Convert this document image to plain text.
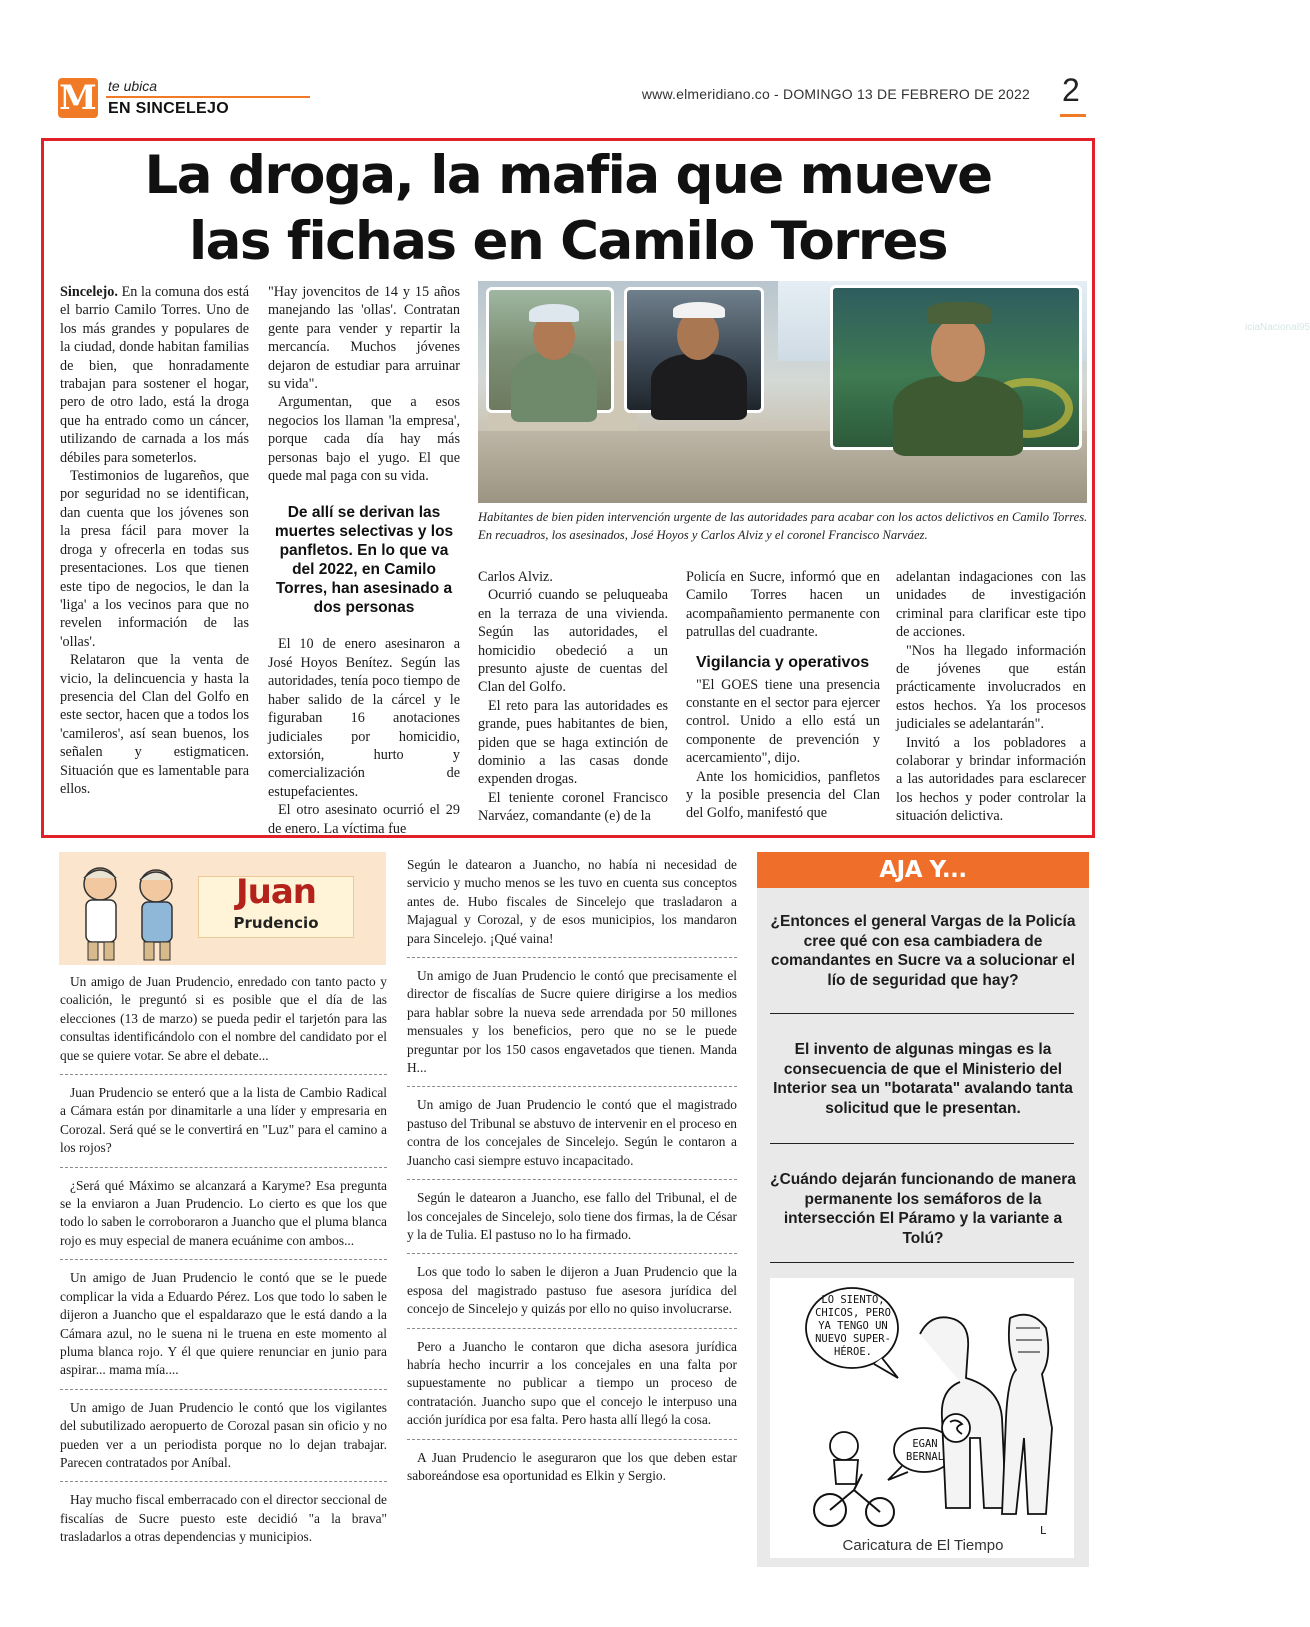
M te ubica
EN SINCELEJO
www.elmeridiano.co - DOMINGO 13 DE FEBRERO DE 2022 2
La droga, la mafia que mueve
las fichas en Camilo Torres

Sincelejo. En la comuna dos está el barrio Camilo Torres. Uno de los más grandes y populares de la ciudad, donde habitan familias de bien, que honradamente trabajan para sostener el hogar, pero de otro lado, está la droga que ha entrado como un cáncer, utilizando de carnada a los más débiles para someterlos.

Testimonios de lugareños, que por seguridad no se identifican, dan cuenta que los jóvenes son la presa fácil para mover la droga y ofrecerla en todas sus presentaciones. Los que tienen este tipo de negocios, le dan la 'liga' a los vecinos para que no revelen información de las 'ollas'.

Relataron que la venta de vicio, la delincuencia y hasta la presencia del Clan del Golfo en este sector, hacen que a todos los 'camileros', así sean buenos, los señalen y estigmaticen. Situación que es lamentable para ellos.

"Hay jovencitos de 14 y 15 años manejando las 'ollas'. Contratan gente para vender y repartir la mercancía. Muchos jóvenes dejaron de estudiar para arruinar su vida".

Argumentan, que a esos negocios los llaman 'la empresa', porque cada día hay más personas bajo el yugo. El que quede mal paga con su vida.

De allí se derivan las muertes selectivas y los panfletos. En lo que va del 2022, en Camilo Torres, han asesinado a dos personas

El 10 de enero asesinaron a José Hoyos Benítez. Según las autoridades, tenía poco tiempo de haber salido de la cárcel y le figuraban 16 anotaciones judiciales por homicidio, extorsión, hurto y comercialización de estupefacientes.

El otro asesinato ocurrió el 29 de enero. La víctima fue

iciaNacional95
Habitantes de bien piden intervención urgente de las autoridades para acabar con los actos delictivos en Camilo Torres. En recuadros, los asesinados, José Hoyos y Carlos Alviz y el coronel Francisco Narváez.

Carlos Alviz.

Ocurrió cuando se peluqueaba en la terraza de una vivienda. Según las autoridades, el homicidio obedeció a un presunto ajuste de cuentas del Clan del Golfo.

El reto para las autoridades es grande, pues habitantes de bien, piden que se haga extinción de dominio a las casas donde expenden drogas.

El teniente coronel Francisco Narváez, comandante (e) de la

Policía en Sucre, informó que en Camilo Torres hacen un acompañamiento permanente con patrullas del cuadrante.

Vigilancia y operativos

"El GOES tiene una presencia constante en el sector para ejercer control. Unido a ello está un componente de prevención y acercamiento", dijo.

Ante los homicidios, panfletos y la posible presencia del Clan del Golfo, manifestó que

adelantan indagaciones con las unidades de investigación criminal para clarificar este tipo de acciones.

"Nos ha llegado información de jóvenes que están prácticamente involucrados en estos hechos. Ya los procesos judiciales se adelantarán".

Invitó a los pobladores a colaborar y brindar información a las autoridades para esclarecer los hechos y poder controlar la situación delictiva.

Juan
Prudencio

Un amigo de Juan Prudencio, enredado con tanto pacto y coalición, le preguntó si es posible que el día de las elecciones (13 de marzo) se pueda pedir el tarjetón para las consultas identificándolo con el nombre del candidato por el que se quiere votar. Se abre el debate...

Juan Prudencio se enteró que a la lista de Cambio Radical a Cámara están por dinamitarle a una líder y empresaria en Corozal. Será qué se le convertirá en "Luz" para el camino a los rojos?

¿Será qué Máximo se alcanzará a Karyme? Esa pregunta se la enviaron a Juan Prudencio. Lo cierto es que los que todo lo saben le corroboraron a Juancho que el pluma blanca rojo es muy especial de manera ecuánime con ambos...

Un amigo de Juan Prudencio le contó que se le puede complicar la vida a Eduardo Pérez. Los que todo lo saben le dijeron a Juancho que el espaldarazo que le está dando a la Cámara azul, no le suena ni le truena en este momento al pluma blanca rojo. Y él que quiere renunciar en junio para aspirar... mama mía....

Un amigo de Juan Prudencio le contó que los vigilantes del subutilizado aeropuerto de Corozal pasan sin oficio y no pueden ver a un periodista porque no lo dejan trabajar. Parecen contratados por Aníbal.

Hay mucho fiscal emberracado con el director seccional de fiscalías de Sucre puesto este decidió "a la brava" trasladarlos a otras dependencias y municipios.

Según le datearon a Juancho, no había ni necesidad de servicio y mucho menos se les tuvo en cuenta sus conceptos antes de. Hubo fiscales de Sincelejo que trasladaron a Majagual y Corozal, y de esos municipios, los mandaron para Sincelejo. ¡Qué vaina!

Un amigo de Juan Prudencio le contó que precisamente el director de fiscalías de Sucre quiere dirigirse a los medios para hablar sobre la nueva sede arrendada por 50 millones mensuales y los beneficios, pero que no se le puede preguntar por los 150 casos engavetados que tienen. Manda H...

Un amigo de Juan Prudencio le contó que el magistrado pastuso del Tribunal se abstuvo de intervenir en el proceso en contra de los concejales de Sincelejo. Según le contaron a Juancho casi siempre estuvo incapacitado.

Según le datearon a Juancho, ese fallo del Tribunal, el de los concejales de Sincelejo, solo tiene dos firmas, la de César y la de Tulia. El pastuso no lo ha firmado.

Los que todo lo saben le dijeron a Juan Prudencio que la esposa del magistrado pastuso fue asesora jurídica del concejo de Sincelejo y quizás por ello no quiso involucrarse.

Pero a Juancho le contaron que dicha asesora jurídica habría hecho incurrir a los concejales en una falta por supuestamente no publicar a tiempo un proceso de contratación. Juancho supo que el concejo le interpuso una acción jurídica por esa falta. Pero hasta allí llegó la cosa.

A Juan Prudencio le aseguraron que los que deben estar saboreándose esa oportunidad es Elkin y Sergio.

AJA Y...
¿Entonces el general Vargas de la Policía cree qué con esa cambiadera de comandantes en Sucre va a solucionar el lío de seguridad que hay?
El invento de algunas mingas es la consecuencia de que el Ministerio del Interior sea un "botarata" avalando tanta solicitud que le presentan.
¿Cuándo dejarán funcionando de manera permanente los semáforos de la intersección El Páramo y la variante a Tolú?
LO SIENTO, CHICOS, PERO YA TENGO UN NUEVO SUPER-HÉROE.
EGAN BERNAL
L
Caricatura de El Tiempo
